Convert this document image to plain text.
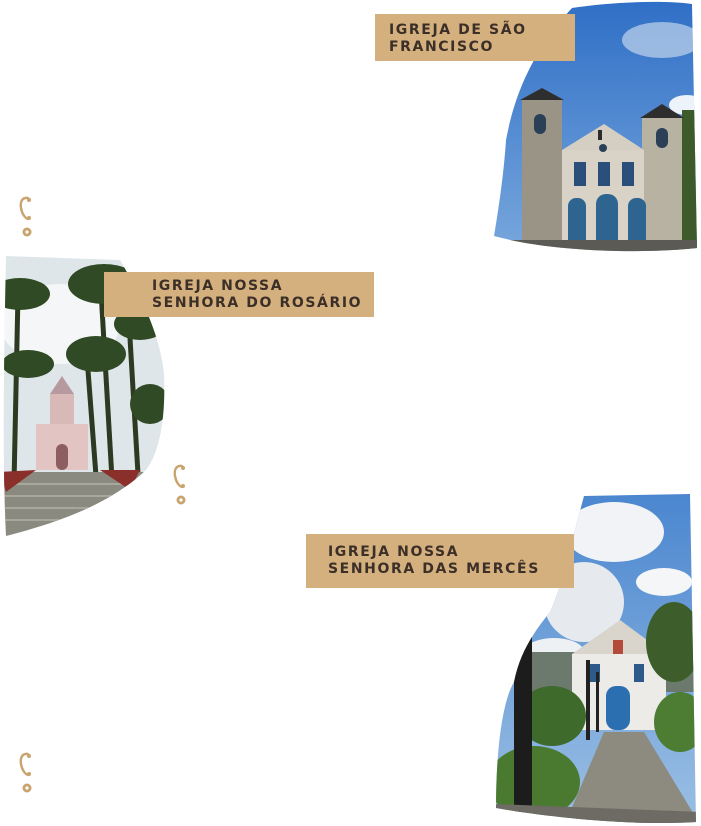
IGREJA DE SÃO
FRANCISCO
IGREJA NOSSA
SENHORA DO ROSÁRIO
IGREJA NOSSA
SENHORA DAS MERCÊS
